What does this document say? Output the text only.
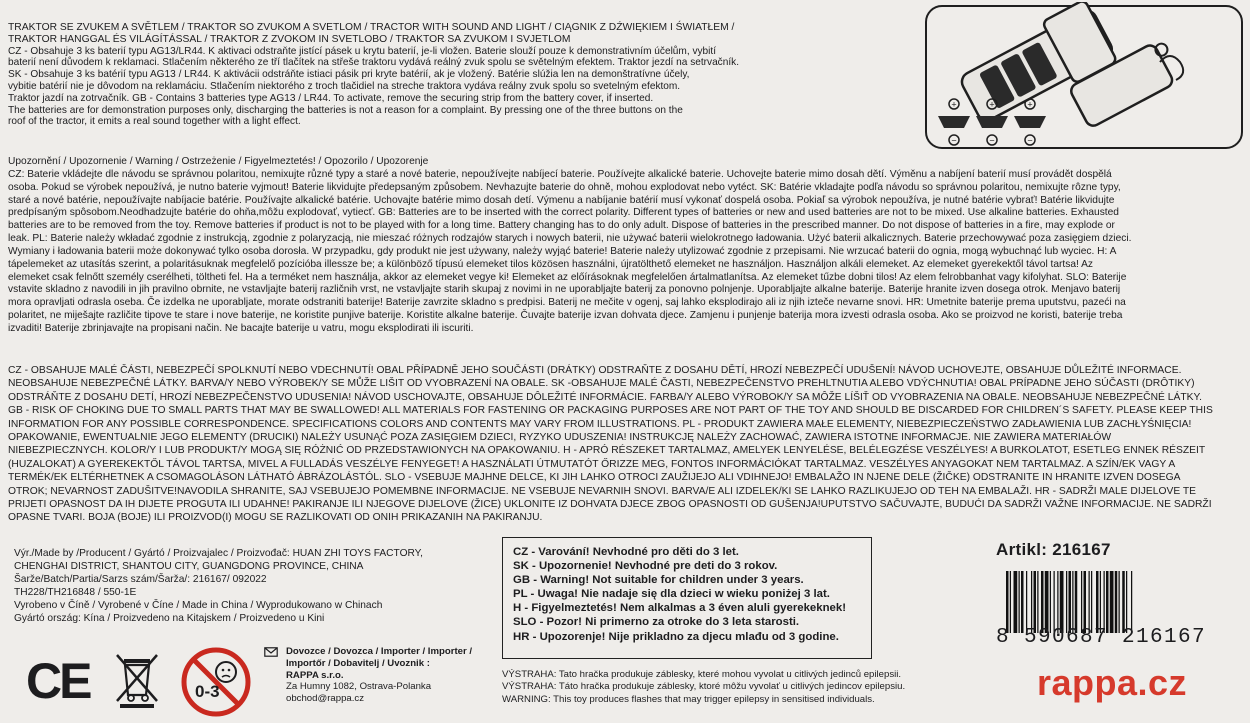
+
−
+
−
+
−
TRAKTOR SE ZVUKEM A SVĚTLEM / TRAKTOR SO ZVUKOM A SVETLOM / TRACTOR WITH SOUND AND LIGHT / CIĄGNIK Z DŹWIĘKIEM I ŚWIATŁEM /
TRAKTOR HANGGAL ÉS VILÁGÍTÁSSAL / TRAKTOR Z ZVOKOM IN SVETLOBO / TRAKTOR SA ZVUKOM I SVJETLOM
CZ - Obsahuje 3 ks baterií typu AG13/LR44. K aktivaci odstraňte jistící pásek u krytu baterií, je-li vložen. Baterie slouží pouze k demonstrativním účelům, vybití
baterií není důvodem k reklamaci. Stlačením některého ze tří tlačítek na střeše traktoru vydává reálný zvuk spolu se světelným efektem. Traktor jezdí na setrvačník.
SK - Obsahuje 3 ks batérií typu AG13 / LR44. K aktivácii odstráňte istiaci pásik pri kryte batérií, ak je vložený. Batérie slúžia len na demonštratívne účely,
vybitie batérií nie je dôvodom na reklamáciu. Stlačením niektorého z troch tlačidiel na streche traktora vydáva reálny zvuk spolu so svetelným efektom.
Traktor jazdí na zotrvačník. GB - Contains 3 batteries type AG13 / LR44. To activate, remove the securing strip from the battery cover, if inserted.
The batteries are for demonstration purposes only, discharging the batteries is not a reason for a complaint. By pressing one of the three buttons on the
roof of the tractor, it emits a real sound together with a light effect.
Upozornění / Upozornenie / Warning / Ostrzeżenie / Figyelmeztetés! / Opozorilo / Upozorenje
CZ: Baterie vkládejte dle návodu se správnou polaritou, nemixujte různé typy a staré a nové baterie, nepoužívejte nabíjecí baterie. Používejte alkalické baterie. Uchovejte baterie mimo dosah dětí. Výměnu a nabíjení baterií musí provádět dospělá
osoba. Pokud se výrobek nepoužívá, je nutno baterie vyjmout! Baterie likvidujte předepsaným způsobem. Nevhazujte baterie do ohně, mohou explodovat nebo vytéct. SK: Batérie vkladajte podľa návodu so správnou polaritou, nemixujte rôzne typy,
staré a nové batérie, nepoužívajte nabíjacie batérie. Používajte alkalické batérie. Uchovajte batérie mimo dosah detí. Výmenu a nabíjanie batérií musí vykonať dospelá osoba. Pokiaľ sa výrobok nepoužíva, je nutné batérie vybrať! Batérie likvidujte
predpísaným spôsobom.Neodhadzujte batérie do ohňa,môžu explodovať, vytiecť. GB: Batteries are to be inserted with the correct polarity. Different types of batteries or new and used batteries are not to be mixed. Use alkaline batteries. Exhausted
batteries are to be removed from the toy. Remove batteries if product is not to be played with for a long time. Battery changing has to do only adult. Dispose of batteries in the prescribed manner. Do not dispose of batteries in a fire, may explode or
leak. PL: Baterie należy wkładać zgodnie z instrukcją, zgodnie z polaryzacją, nie mieszać różnych rodzajów starych i nowych baterii, nie używać baterii wielokrotnego ładowania. Użyć baterii alkalicznych. Baterie przechowywać poza zasięgiem dzieci.
Wymiany i ładowania baterii może dokonywać tylko osoba dorosła. W przypadku, gdy produkt nie jest używany, należy wyjąć baterie! Baterie należy utylizować zgodnie z przepisami. Nie wrzucać baterii do ognia, mogą wybuchnąć lub wyciec. H: A
tápelemeket az utasítás szerint, a polaritásuknak megfelelő pozícióba illessze be; a különböző típusú elemeket tilos közösen használni, újratölthető elemeket ne használjon. Használjon alkáli elemeket. Az elemeket gyerekektől távol tartsa! Az
elemeket csak felnőtt személy cserélheti, töltheti fel. Ha a terméket nem használja, akkor az elemeket vegye ki! Elemeket az előírásoknak megfelelően ártalmatlanítsa. Az elemeket tűzbe dobni tilos! Az elem felrobbanhat vagy kifolyhat. SLO: Baterije
vstavite skladno z navodili in jih pravilno obrnite, ne vstavljajte baterij različnih vrst, ne vstavljajte starih skupaj z novimi in ne uporabljajte baterij za ponovno polnjenje. Uporabljajte alkalne baterije. Baterije hranite izven dosega otrok. Menjavo baterij
mora opravljati odrasla oseba. Če izdelka ne uporabljate, morate odstraniti baterije! Baterije zavrzite skladno s predpisi. Baterij ne mečite v ogenj, saj lahko eksplodirajo ali iz njih izteče nevarne snovi. HR: Umetnite baterije prema uputstvu, pazeći na
polaritet, ne miješajte različite tipove te stare i nove baterije, ne koristite punjive baterije. Koristite alkalne baterije. Čuvajte baterije izvan dohvata djece. Zamjenu i punjenje baterija mora izvesti odrasla osoba. Ako se proizvod ne koristi, baterije treba
izvaditi! Baterije zbrinjavajte na propisani način. Ne bacajte baterije u vatru, mogu eksplodirati ili iscuriti.
CZ - OBSAHUJE MALÉ ČÁSTI, NEBEZPEČÍ SPOLKNUTÍ NEBO VDECHNUTÍ! OBAL PŘÍPADNĚ JEHO SOUČÁSTI (DRÁTKY) ODSTRAŇTE Z DOSAHU DĚTÍ, HROZÍ NEBEZPEČÍ UDUŠENÍ! NÁVOD UCHOVEJTE, OBSAHUJE DŮLEŽITÉ INFORMACE.
NEOBSAHUJE NEBEZPEČNÉ LÁTKY. BARVA/Y NEBO VÝROBEK/Y SE MŮŽE LIŠIT OD VYOBRAZENÍ NA OBALE. SK -OBSAHUJE MALÉ ČASTI, NEBEZPEČENSTVO PREHLTNUTIA ALEBO VDÝCHNUTIA! OBAL PRÍPADNE JEHO SÚČASTI (DRÔTIKY)
ODSTRÁŇTE Z DOSAHU DETÍ, HROZÍ NEBEZPEČENSTVO UDUSENIA! NÁVOD USCHOVAJTE, OBSAHUJE DÔLEŽITÉ INFORMÁCIE. FARBA/Y ALEBO VÝROBOK/Y SA MÔŽE LÍŠIŤ OD VYOBRAZENIA NA OBALE. NEOBSAHUJE NEBEZPEČNÉ LÁTKY.
GB - RISK OF CHOKING DUE TO SMALL PARTS THAT MAY BE SWALLOWED! ALL MATERIALS FOR FASTENING OR PACKAGING PURPOSES ARE NOT PART OF THE TOY AND SHOULD BE DISCARDED FOR CHILDREN´S SAFETY. PLEASE KEEP THIS
INFORMATION FOR ANY POSSIBLE CORRESPONDENCE. SPECIFICATIONS COLORS AND CONTENTS MAY VARY FROM ILLUSTRATIONS. PL - PRODUKT ZAWIERA MAŁE ELEMENTY, NIEBEZPIECZEŃSTWO ZADŁAWIENIA LUB ZACHŁYŚNIĘCIA!
OPAKOWANIE, EWENTUALNIE JEGO ELEMENTY (DRUCIKI) NALEŻY USUNĄĆ POZA ZASIĘGIEM DZIECI, RYZYKO UDUSZENIA! INSTRUKCJĘ NALEŻY ZACHOWAĆ, ZAWIERA ISTOTNE INFORMACJE. NIE ZAWIERA MATERIAŁÓW
NIEBEZPIECZNYCH. KOLOR/Y I LUB PRODUKT/Y MOGĄ SIĘ RÓŻNIĆ OD PRZEDSTAWIONYCH NA OPAKOWANIU. H - APRÓ RÉSZEKET TARTALMAZ, AMELYEK LENYELÉSE, BELÉLEGZÉSE VESZÉLYES! A BURKOLATOT, ESETLEG ENNEK RÉSZEIT
(HUZALOKAT) A GYEREKEKTŐL TÁVOL TARTSA, MIVEL A FULLADÁS VESZÉLYE FENYEGET! A HASZNÁLATI ÚTMUTATÓT ŐRIZZE MEG, FONTOS INFORMÁCIÓKAT TARTALMAZ. VESZÉLYES ANYAGOKAT NEM TARTALMAZ. A SZÍN/EK VAGY A
TERMÉK/EK ELTÉRHETNEK A CSOMAGOLÁSON LÁTHATÓ ÁBRÁZOLÁSTÓL. SLO - VSEBUJE MAJHNE DELCE, KI JIH LAHKO OTROCI ZAUŽIJEJO ALI VDIHNEJO! EMBALAŽO IN NJENE DELE (ŽIČKE) ODSTRANITE IN HRANITE IZVEN DOSEGA
OTROK; NEVARNOST ZADUŠITVE!NAVODILA SHRANITE, SAJ VSEBUJEJO POMEMBNE INFORMACIJE. NE VSEBUJE NEVARNIH SNOVI. BARVA/E ALI IZDELEK/KI SE LAHKO RAZLIKUJEJO OD TEH NA EMBALAŽI. HR - SADRŽI MALE DIJELOVE TE
PRIJETI OPASNOST DA IH DIJETE PROGUTA ILI UDAHNE! PAKIRANJE ILI NJEGOVE DIJELOVE (ŽICE) UKLONITE IZ DOHVATA DJECE ZBOG OPASNOSTI OD GUŠENJA!UPUTSTVO SAČUVAJTE, BUDUĆI DA SADRŽI VAŽNE INFORMACIJE. NE SADRŽI
OPASNE TVARI. BOJA (BOJE) ILI PROIZVOD(I) MOGU SE RAZLIKOVATI OD ONIH PRIKAZANIH NA PAKIRANJU.
Výr./Made by /Producent / Gyártó / Proizvajalec / Proizvođač: HUAN ZHI TOYS FACTORY,
CHENGHAI DISTRICT, SHANTOU CITY, GUANGDONG PROVINCE, CHINA
Šarže/Batch/Partia/Sarzs szám/Šarža/: 216167/ 092022
TH228/TH216848 / 550-1E
Vyrobeno v Číně / Vyrobené v Číne / Made in China / Wyprodukowano w Chinach
Gyártó ország: Kína / Proizvedeno na Kitajskem / Proizvedeno u Kini
CZ - Varování! Nevhodné pro děti do 3 let.
SK - Upozornenie! Nevhodné pre deti do 3 rokov.
GB - Warning! Not suitable for children under 3 years.
PL - Uwaga! Nie nadaje się dla dzieci w wieku poniżej 3 lat.
H - Figyelmeztetés! Nem alkalmas a 3 éven aluli gyerekeknek!
SLO - Pozor! Ni primerno za otroke do 3 leta starosti.
HR - Upozorenje! Nije prikladno za djecu mlađu od 3 godine.
CE	0-3
Dovozce / Dovozca / Importer / Importer /
Importőr / Dobavitelj / Uvoznik :
RAPPA s.r.o.
Za Humny 1082, Ostrava-Polanka
obchod@rappa.cz
VÝSTRAHA: Tato hračka produkuje záblesky, které mohou vyvolat u citlivých jedinců epilepsii.
VÝSTRAHA: Táto hračka produkuje záblesky, ktoré môžu vyvolať u citlivých jedincov epilepsiu.
WARNING: This toy produces flashes that may trigger epilepsy in sensitised individuals.
Artikl: 216167
8 590687 216167
rappa.cz
